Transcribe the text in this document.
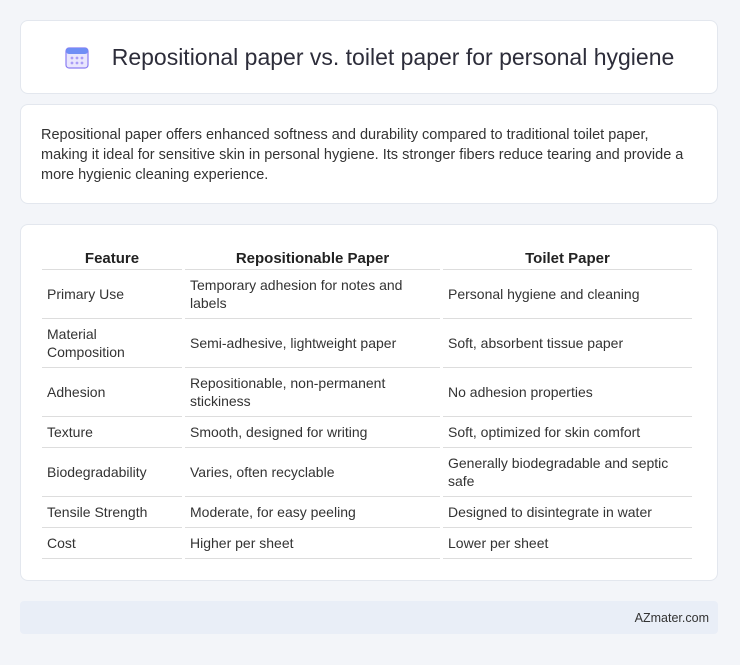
Repositional paper vs. toilet paper for personal hygiene

Repositional paper offers enhanced softness and durability compared to traditional toilet paper, making it ideal for sensitive skin in personal hygiene. Its stronger fibers reduce tearing and provide a more hygienic cleaning experience.

Feature	Repositionable Paper	Toilet Paper
Primary Use	Temporary adhesion for notes and labels	Personal hygiene and cleaning
Material Composition	Semi-adhesive, lightweight paper	Soft, absorbent tissue paper
Adhesion	Repositionable, non-permanent stickiness	No adhesion properties
Texture	Smooth, designed for writing	Soft, optimized for skin comfort
Biodegradability	Varies, often recyclable	Generally biodegradable and septic safe
Tensile Strength	Moderate, for easy peeling	Designed to disintegrate in water
Cost	Higher per sheet	Lower per sheet
AZmater.com
